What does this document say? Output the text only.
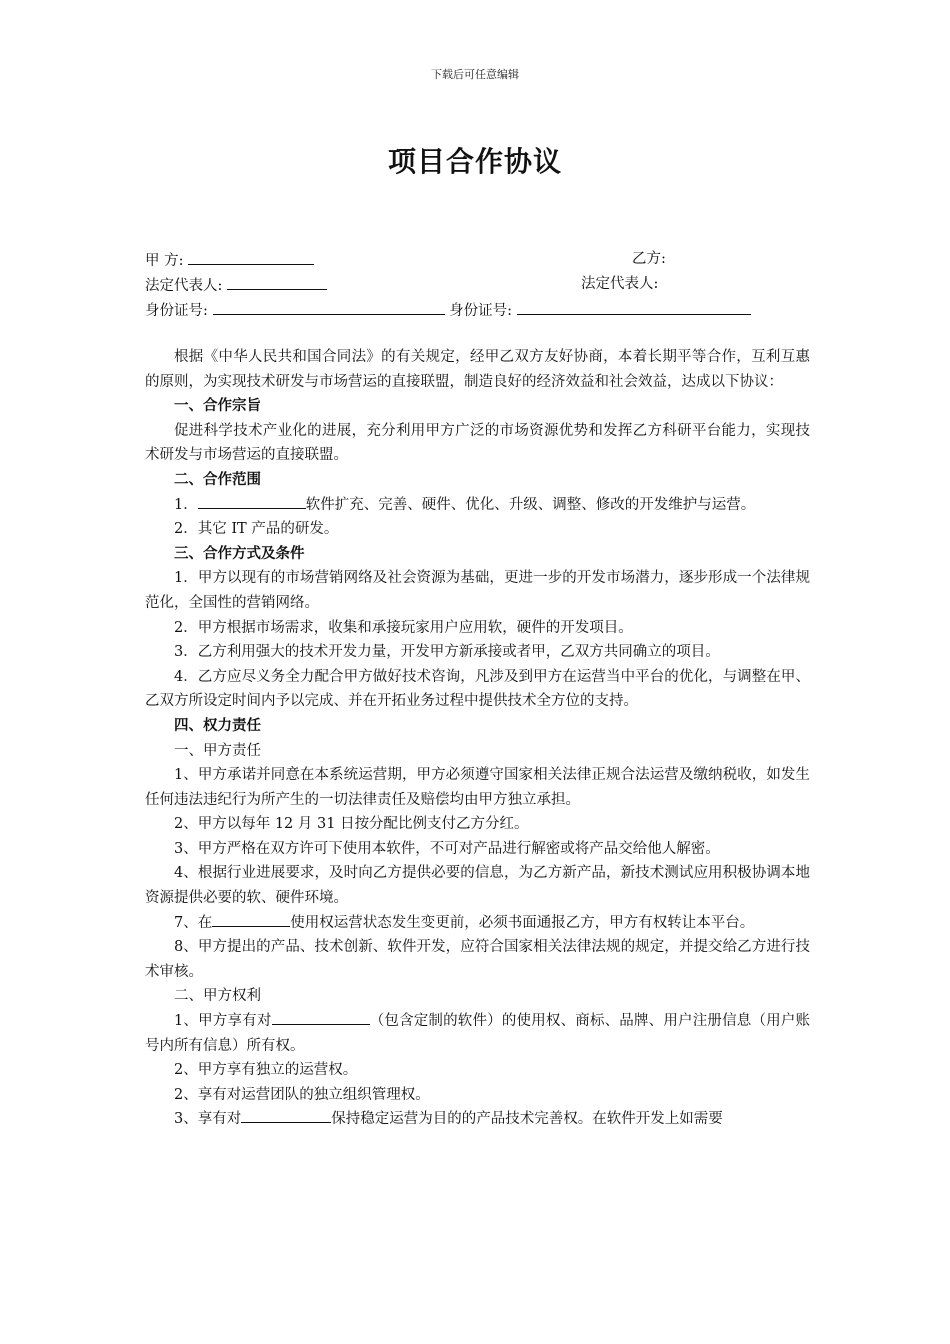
下载后可任意编辑
项目合作协议
甲 方:	乙方:
法定代表人:	法定代表人:
身份证号:	身份证号:

根据《中华人民共和国合同法》的有关规定，经甲乙双方友好协商，本着长期平等合作，互利互惠的原则，为实现技术研发与市场营运的直接联盟，制造良好的经济效益和社会效益，达成以下协议：

一、合作宗旨

促进科学技术产业化的进展，充分利用甲方广泛的市场资源优势和发挥乙方科研平台能力，实现技术研发与市场营运的直接联盟。

二、合作范围

1．	软件扩充、完善、硬件、优化、升级、调整、修改的开发维护与运营。

2．其它 IT 产品的研发。

三、合作方式及条件

1．甲方以现有的市场营销网络及社会资源为基础，更进一步的开发市场潜力，逐步形成一个法律规范化，全国性的营销网络。

2．甲方根据市场需求，收集和承接玩家用户应用软，硬件的开发项目。

3．乙方利用强大的技术开发力量，开发甲方新承接或者甲，乙双方共同确立的项目。

4．乙方应尽义务全力配合甲方做好技术咨询，凡涉及到甲方在运营当中平台的优化，与调整在甲、乙双方所设定时间内予以完成、并在开拓业务过程中提供技术全方位的支持。

四、权力责任

一、甲方责任

1、甲方承诺并同意在本系统运营期，甲方必须遵守国家相关法律正规合法运营及缴纳税收，如发生任何违法违纪行为所产生的一切法律责任及赔偿均由甲方独立承担。

2、甲方以每年 12 月 31 日按分配比例支付乙方分红。

3、甲方严格在双方许可下使用本软件，不可对产品进行解密或将产品交给他人解密。

4、根据行业进展要求，及时向乙方提供必要的信息，为乙方新产品，新技术测试应用积极协调本地资源提供必要的软、硬件环境。

7、在	使用权运营状态发生变更前，必须书面通报乙方，甲方有权转让本平台。

8、甲方提出的产品、技术创新、软件开发，应符合国家相关法律法规的规定，并提交给乙方进行技术审核。

二、甲方权利

1、甲方享有对	（包含定制的软件）的使用权、商标、品牌、用户注册信息（用户账号内所有信息）所有权。

2、甲方享有独立的运营权。

2、享有对运营团队的独立组织管理权。

3、享有对	保持稳定运营为目的的产品技术完善权。在软件开发上如需要
